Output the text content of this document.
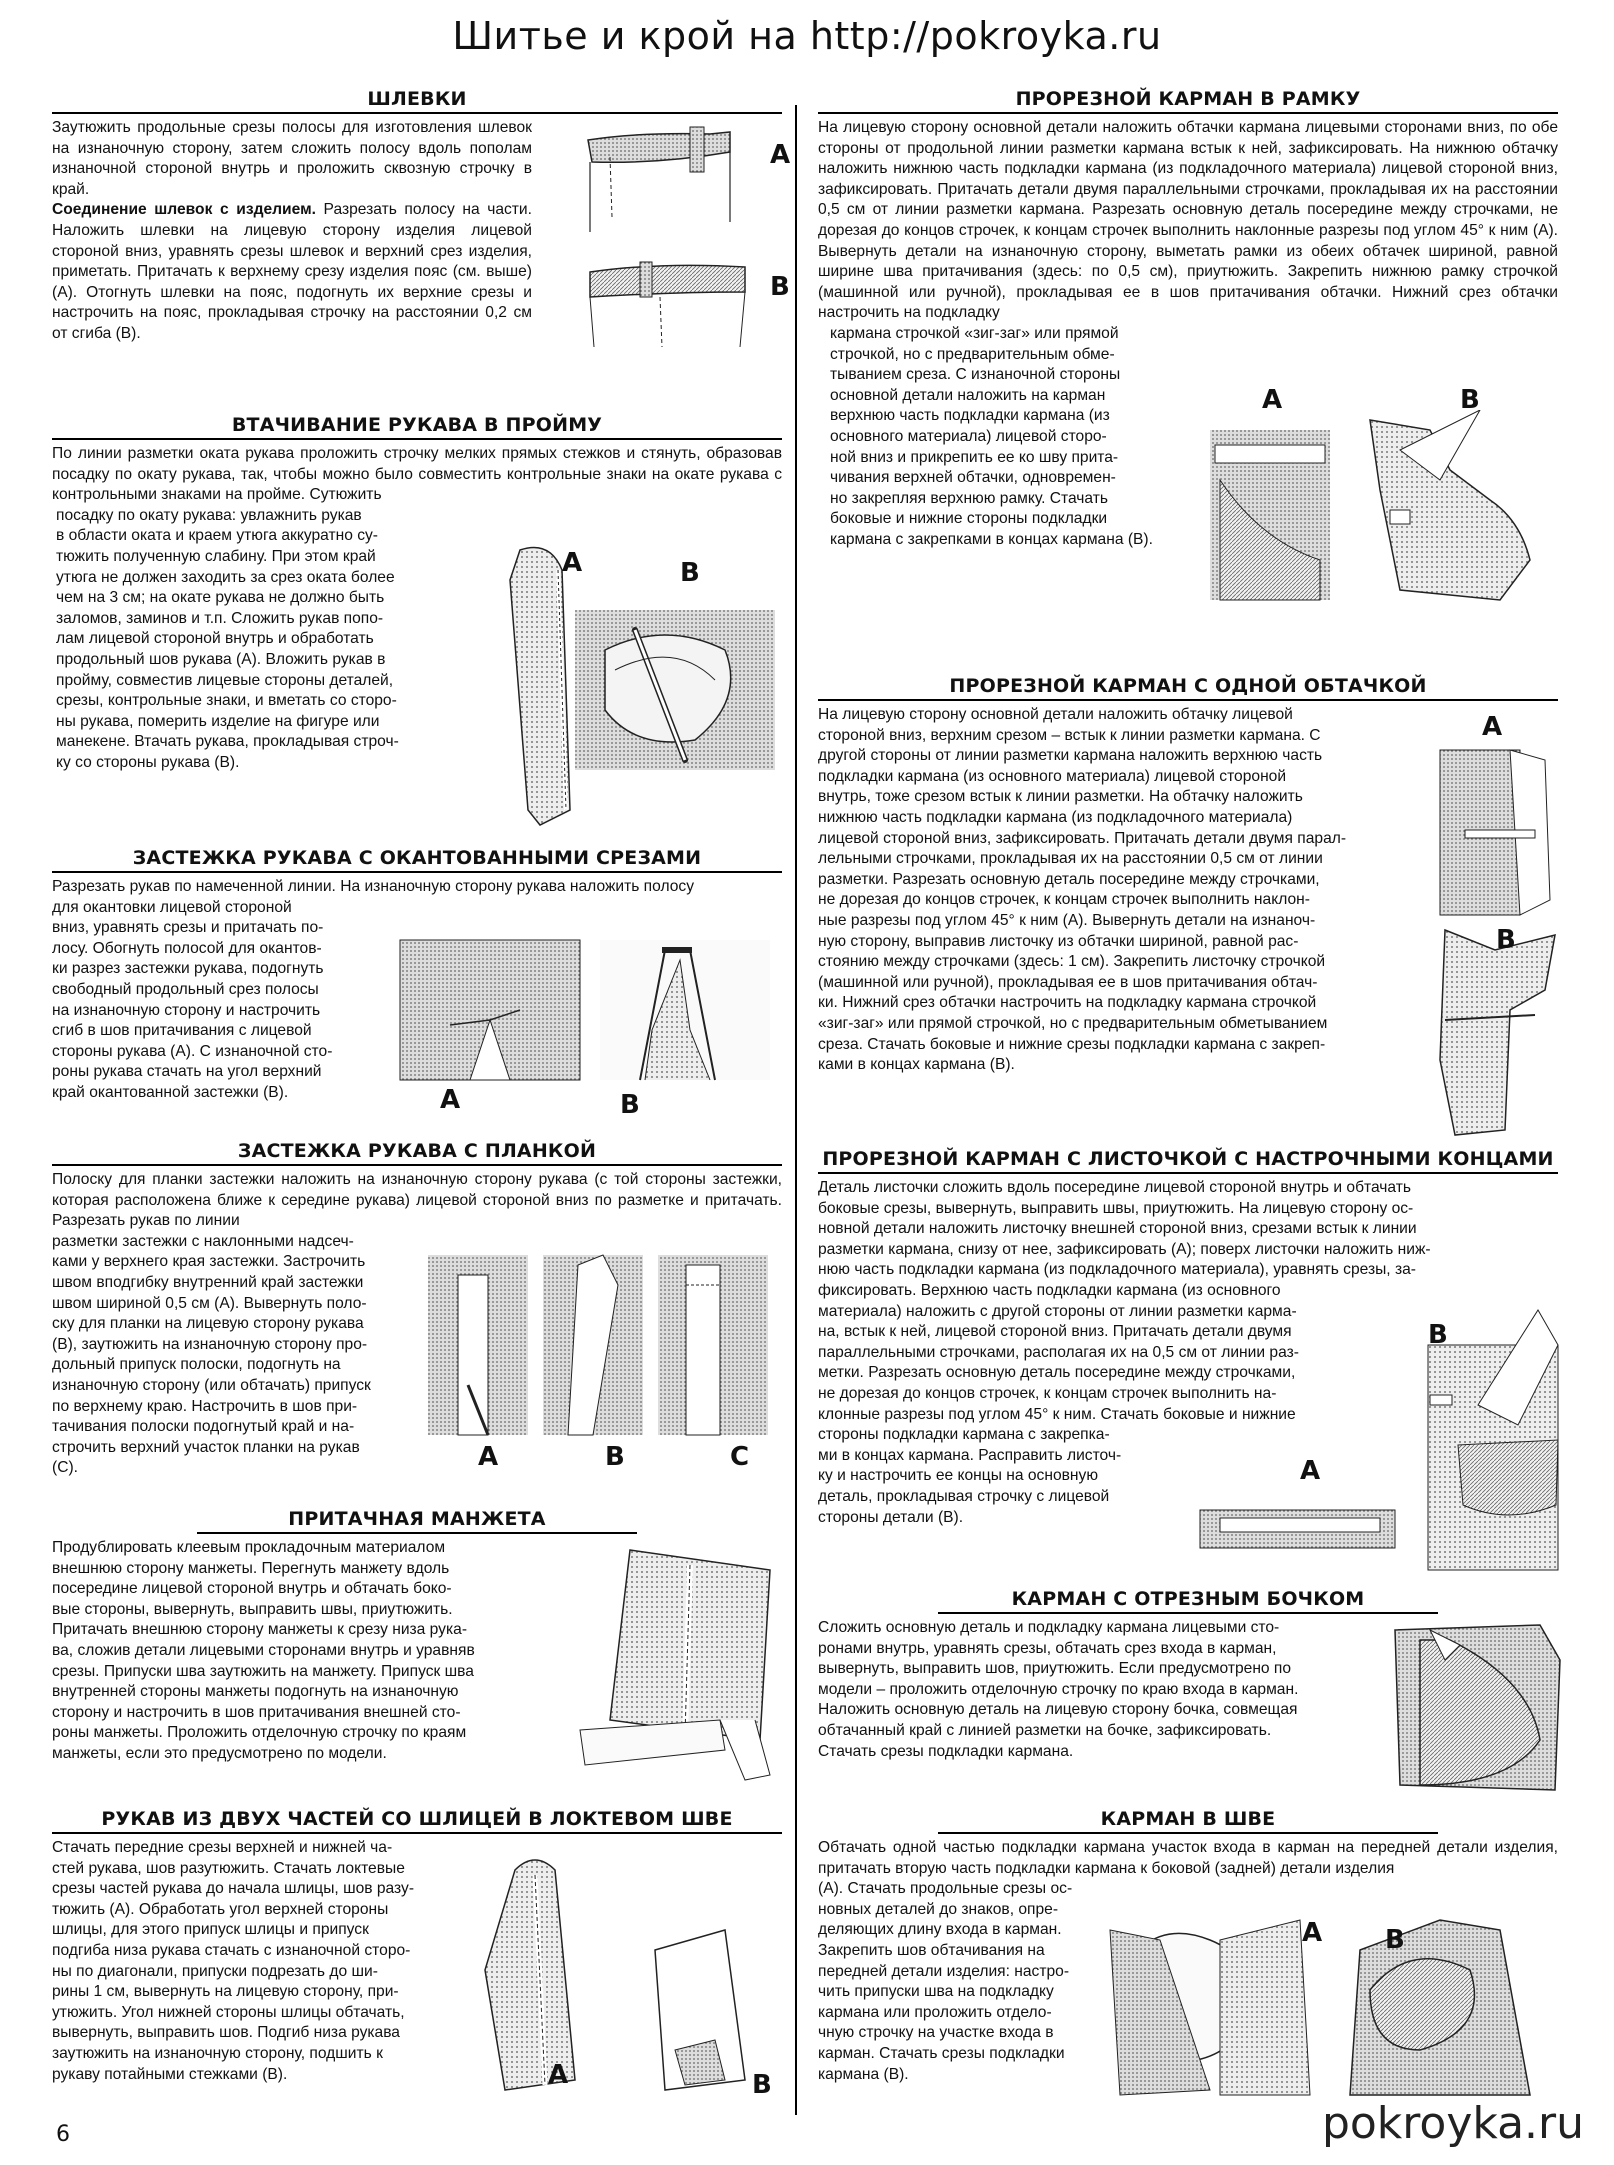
Шитье и крой на http://pokroyka.ru
ШЛЕВКИ

Заутюжить продольные срезы полосы для изготовления шлевок на изнаночную сторону, затем сложить полосу вдоль пополам изнаночной стороной внутрь и проложить сквозную строчку в край.

Соединение шлевок с изделием. Разрезать полосу на части. Наложить шлевки на лицевую сторону изделия лицевой стороной вниз, уравнять срезы шлевок и верхний срез изделия, приметать. Притачать к верхнему срезу изделия пояс (см. выше) (А). Отогнуть шлевки на пояс, подогнуть их верхние срезы и настрочить на пояс, прокладывая строчку на расстоянии 0,2 см от сгиба (В).

А
В
ВТАЧИВАНИЕ РУКАВА В ПРОЙМУ
По линии разметки оката рукава проложить строчку мелких прямых стежков и стянуть, образовав посадку по окату рукава, так, чтобы можно было совместить контрольные знаки на окате рукава с контрольными знаками на пройме. Сутюжить
посадку по окату рукава: увлажнить рукав
в области оката и краем утюга аккуратно су-
тюжить полученную слабину. При этом край
утюга не должен заходить за срез оката более
чем на 3 см; на окате рукава не должно быть
заломов, заминов и т.п. Сложить рукав попо-
лам лицевой стороной внутрь и обработать
продольный шов рукава (А). Вложить рукав в
пройму, совместив лицевые стороны деталей,
срезы, контрольные знаки, и вметать со сторо-
ны рукава, померить изделие на фигуре или
манекене. Втачать рукава, прокладывая строч-
ку со стороны рукава (В).
А	В
ЗАСТЕЖКА РУКАВА С ОКАНТОВАННЫМИ СРЕЗАМИ
Разрезать рукав по намеченной линии. На изнаночную сторону рукава наложить полосу
для окантовки лицевой стороной
вниз, уравнять срезы и притачать по-
лосу. Обогнуть полосой для окантов-
ки разрез застежки рукава, подогнуть
свободный продольный срез полосы
на изнаночную сторону и настрочить
сгиб в шов притачивания с лицевой
стороны рукава (А). С изнаночной сто-
роны рукава стачать на угол верхний
край окантованной застежки (В).	А	В
ЗАСТЕЖКА РУКАВА С ПЛАНКОЙ
Полоску для планки застежки наложить на изнаночную сторону рукава (с той стороны застежки, которая расположена ближе к середине рукава) лицевой стороной вниз по разметке и притачать. Разрезать рукав по линии
разметки застежки с наклонными надсеч-
ками у верхнего края застежки. Застрочить
швом вподгибку внутренний край застежки
швом шириной 0,5 см (А). Вывернуть поло-
ску для планки на лицевую сторону рукава
(В), заутюжить на изнаночную сторону про-
дольный припуск полоски, подогнуть на
изнаночную сторону (или обтачать) припуск
по верхнему краю. Настрочить в шов при-
тачивания полоски подогнутый край и на-
строчить верхний участок планки на рукав
(С).	А	В	С
ПРИТАЧНАЯ МАНЖЕТА
Продублировать клеевым прокладочным материалом
внешнюю сторону манжеты. Перегнуть манжету вдоль
посередине лицевой стороной внутрь и обтачать боко-
вые стороны, вывернуть, выправить швы, приутюжить.
Притачать внешнюю сторону манжеты к срезу низа рука-
ва, сложив детали лицевыми сторонами внутрь и уравняв
срезы. Припуски шва заутюжить на манжету. Припуск шва
внутренней стороны манжеты подогнуть на изнаночную
сторону и настрочить в шов притачивания внешней сто-
роны манжеты. Проложить отделочную строчку по краям
манжеты, если это предусмотрено по модели.
РУКАВ ИЗ ДВУХ ЧАСТЕЙ СО ШЛИЦЕЙ В ЛОКТЕВОМ ШВЕ
Стачать передние срезы верхней и нижней ча-
стей рукава, шов разутюжить. Стачать локтевые
срезы частей рукава до начала шлицы, шов разу-
тюжить (А). Обработать угол верхней стороны
шлицы, для этого припуск шлицы и припуск
подгиба низа рукава стачать с изнаночной сторо-
ны по диагонали, припуски подрезать до ши-
рины 1 см, вывернуть на лицевую сторону, при-
утюжить. Угол нижней стороны шлицы обтачать,
вывернуть, выправить шов. Подгиб низа рукава
заутюжить на изнаночную сторону, подшить к
рукаву потайными стежками (В).	А	В
ПРОРЕЗНОЙ КАРМАН В РАМКУ
На лицевую сторону основной детали наложить обтачки кармана лицевыми сторонами вниз, по обе стороны от продольной линии разметки кармана встык к ней, зафиксировать. На нижнюю обтачку наложить нижнюю часть подкладки кармана (из подкладочного материала) лицевой стороной вниз, зафиксировать. Притачать детали двумя параллельными строчками, прокладывая их на расстоянии 0,5 см от линии разметки кармана. Разрезать основную деталь посередине между строчками, не дорезая до концов строчек, к концам строчек выполнить наклонные разрезы под углом 45° к ним (А). Вывернуть детали на изнаночную сторону, выметать рамки из обеих обтачек шириной, равной ширине шва притачивания (здесь: по 0,5 см), приутюжить. Закрепить нижнюю рамку строчкой (машинной или ручной), прокладывая ее в шов притачивания обтачки. Нижний срез обтачки настрочить на подкладку
кармана строчкой «зиг-заг» или прямой
строчкой, но с предварительным обме-
тыванием среза. С изнаночной стороны
основной детали наложить на карман
верхнюю часть подкладки кармана (из
основного материала) лицевой сторо-
ной вниз и прикрепить ее ко шву прита-
чивания верхней обтачки, одновремен-
но закрепляя верхнюю рамку. Стачать
боковые и нижние стороны подкладки
кармана с закрепками в концах кармана (В).
А	В
ПРОРЕЗНОЙ КАРМАН С ОДНОЙ ОБТАЧКОЙ
На лицевую сторону основной детали наложить обтачку лицевой
стороной вниз, верхним срезом – встык к линии разметки кармана. С
другой стороны от линии разметки кармана наложить верхнюю часть
подкладки кармана (из основного материала) лицевой стороной
внутрь, тоже срезом встык к линии разметки. На обтачку наложить
нижнюю часть подкладки кармана (из подкладочного материала)
лицевой стороной вниз, зафиксировать. Притачать детали двумя парал-
лельными строчками, прокладывая их на расстоянии 0,5 см от линии
разметки. Разрезать основную деталь посередине между строчками,
не дорезая до концов строчек, к концам строчек выполнить наклон-
ные разрезы под углом 45° к ним (А). Вывернуть детали на изнаноч-
ную сторону, выправив листочку из обтачки шириной, равной рас-
стоянию между строчками (здесь: 1 см). Закрепить листочку строчкой
(машинной или ручной), прокладывая ее в шов притачивания обтач-
ки. Нижний срез обтачки настрочить на подкладку кармана строчкой
«зиг-заг» или прямой строчкой, но с предварительным обметыванием
среза. Стачать боковые и нижние срезы подкладки кармана с закреп-
ками в концах кармана (В).
А
В
ПРОРЕЗНОЙ КАРМАН С ЛИСТОЧКОЙ С НАСТРОЧНЫМИ КОНЦАМИ
Деталь листочки сложить вдоль посередине лицевой стороной внутрь и обтачать
боковые срезы, вывернуть, выправить швы, приутюжить. На лицевую сторону ос-
новной детали наложить листочку внешней стороной вниз, срезами встык к линии
разметки кармана, снизу от нее, зафиксировать (А); поверх листочки наложить ниж-
нюю часть подкладки кармана (из подкладочного материала), уравнять срезы, за-
фиксировать. Верхнюю часть подкладки кармана (из основного
материала) наложить с другой стороны от линии разметки карма-
на, встык к ней, лицевой стороной вниз. Притачать детали двумя
параллельными строчками, располагая их на 0,5 см от линии раз-
метки. Разрезать основную деталь посередине между строчками,
не дорезая до концов строчек, к концам строчек выполнить на-
клонные разрезы под углом 45° к ним. Стачать боковые и нижние
стороны подкладки кармана с закрепка-
ми в концах кармана. Расправить листоч-
ку и настрочить ее концы на основную
деталь, прокладывая строчку с лицевой
стороны детали (В).
В
А
КАРМАН С ОТРЕЗНЫМ БОЧКОМ
Сложить основную деталь и подкладку кармана лицевыми сто-
ронами внутрь, уравнять срезы, обтачать срез входа в карман,
вывернуть, выправить шов, приутюжить. Если предусмотрено по
модели – проложить отделочную строчку по краю входа в карман.
Наложить основную деталь на лицевую сторону бочка, совмещая
обтачанный край с линией разметки на бочке, зафиксировать.
Стачать срезы подкладки кармана.
КАРМАН В ШВЕ
Обтачать одной частью подкладки кармана участок входа в карман на передней детали изделия, притачать вторую часть подкладки кармана к боковой (задней) детали изделия
(А). Стачать продольные срезы ос-
новных деталей до знаков, опре-
деляющих длину входа в карман.
Закрепить шов обтачивания на
передней детали изделия: настро-
чить припуски шва на подкладку
кармана или проложить отдело-
чную строчку на участке входа в
карман. Стачать срезы подкладки
кармана (В).
А В
6	pokroyka.ru
